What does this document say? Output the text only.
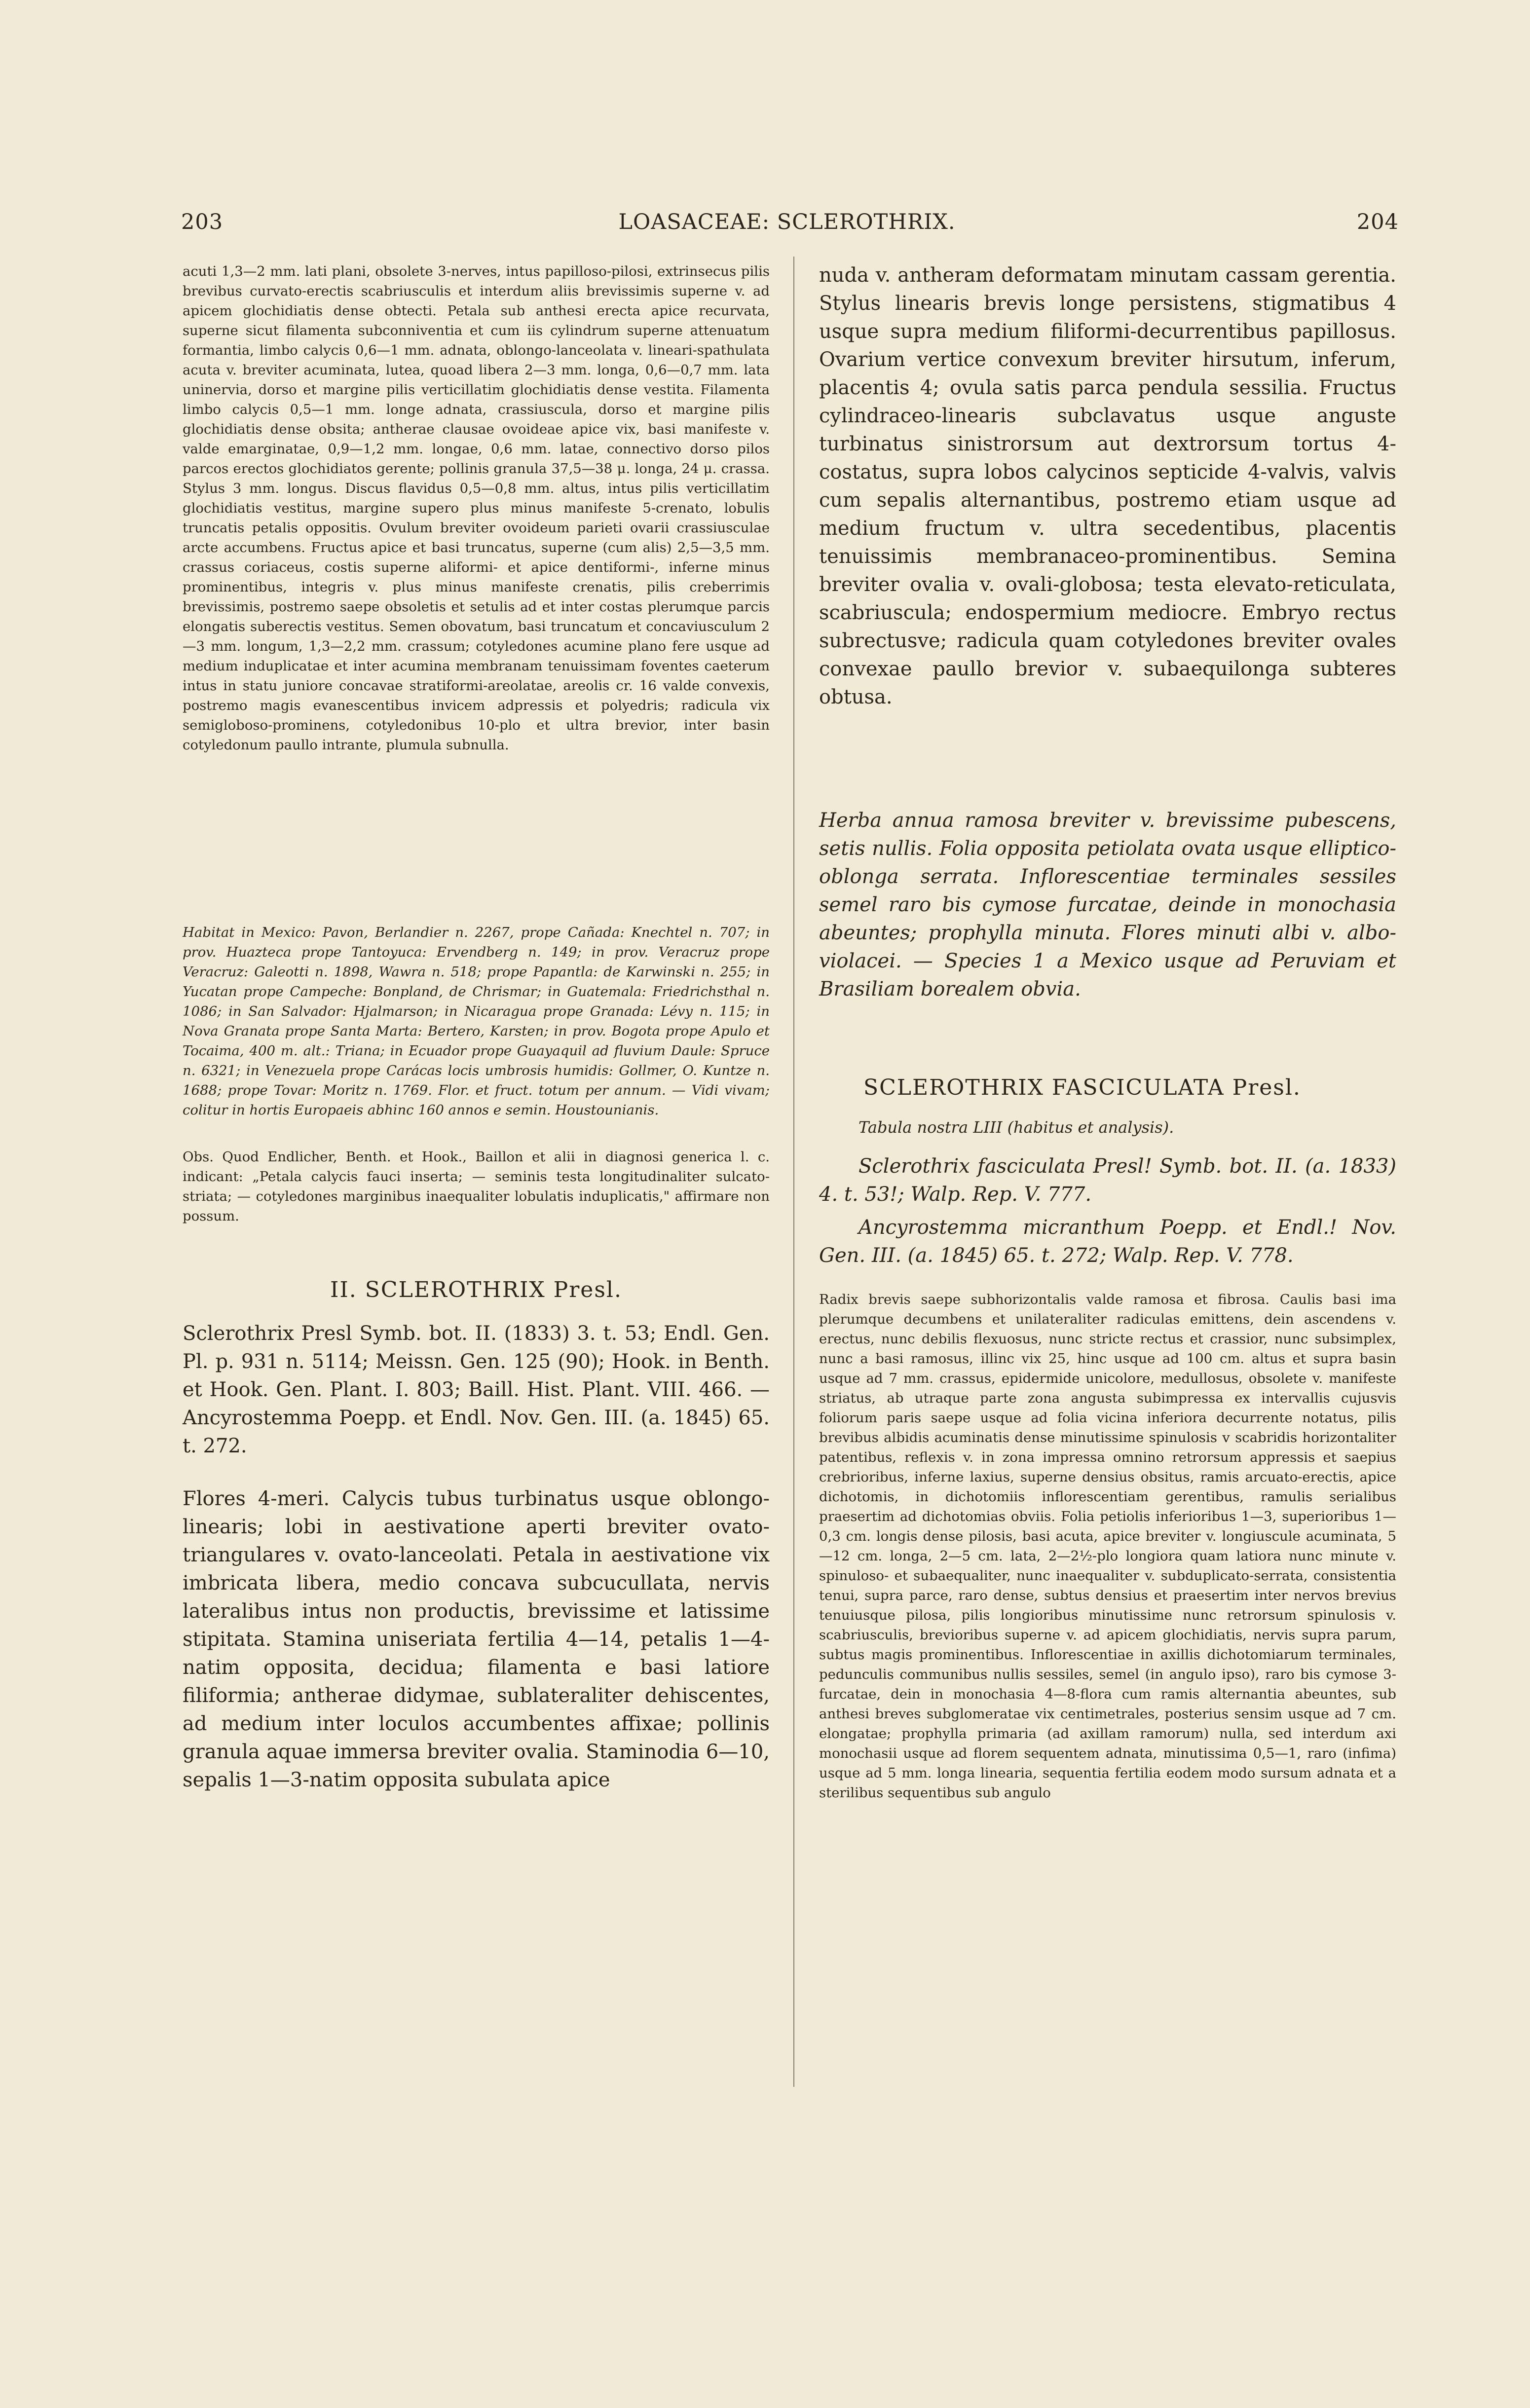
203	LOASACEAE: SCLEROTHRIX.	204

acuti 1,3—2 mm. lati plani, obsolete 3-nerves, intus papilloso-pilosi, extrinsecus pilis brevibus curvato-erectis scabriusculis et interdum aliis brevissimis superne v. ad apicem glochidiatis dense obtecti. Petala sub anthesi erecta apice recurvata, superne sicut filamenta subconniventia et cum iis cylindrum superne attenuatum formantia, limbo calycis 0,6—1 mm. adnata, oblongo-lanceolata v. lineari-spathulata acuta v. breviter acuminata, lutea, quoad libera 2—3 mm. longa, 0,6—0,7 mm. lata uninervia, dorso et margine pilis verticillatim glochidiatis dense vestita. Filamenta limbo calycis 0,5—1 mm. longe adnata, crassiuscula, dorso et margine pilis glochidiatis dense obsita; antherae clausae ovoideae apice vix, basi manifeste v. valde emarginatae, 0,9—1,2 mm. longae, 0,6 mm. latae, connectivo dorso pilos parcos erectos glochidiatos gerente; pollinis granula 37,5—38 μ. longa, 24 μ. crassa. Stylus 3 mm. longus. Discus flavidus 0,5—0,8 mm. altus, intus pilis verticillatim glochidiatis vestitus, margine supero plus minus manifeste 5-crenato, lobulis truncatis petalis oppositis. Ovulum breviter ovoideum parieti ovarii crassiusculae arcte accumbens. Fructus apice et basi truncatus, superne (cum alis) 2,5—3,5 mm. crassus coriaceus, costis superne aliformi- et apice dentiformi-, inferne minus prominentibus, integris v. plus minus manifeste crenatis, pilis creberrimis brevissimis, postremo saepe obsoletis et setulis ad et inter costas plerumque parcis elongatis suberectis vestitus. Semen obovatum, basi truncatum et concaviusculum 2—3 mm. longum, 1,3—2,2 mm. crassum; cotyledones acumine plano fere usque ad medium induplicatae et inter acumina membranam tenuissimam foventes caeterum intus in statu juniore concavae stratiformi-areolatae, areolis cr. 16 valde convexis, postremo magis evanescentibus invicem adpressis et polyedris; radicula vix semigloboso-prominens, cotyledonibus 10-plo et ultra brevior, inter basin cotyledonum paullo intrante, plumula subnulla.

Habitat in Mexico: Pavon, Berlandier n. 2267, prope Cañada: Knechtel n. 707; in prov. Huazteca prope Tantoyuca: Ervendberg n. 149; in prov. Veracruz prope Veracruz: Galeotti n. 1898, Wawra n. 518; prope Papantla: de Karwinski n. 255; in Yucatan prope Campeche: Bonpland, de Chrismar; in Guatemala: Friedrichsthal n. 1086; in San Salvador: Hjalmarson; in Nicaragua prope Granada: Lévy n. 115; in Nova Granata prope Santa Marta: Bertero, Karsten; in prov. Bogota prope Apulo et Tocaima, 400 m. alt.: Triana; in Ecuador prope Guayaquil ad fluvium Daule: Spruce n. 6321; in Venezuela prope Carácas locis umbrosis humidis: Gollmer, O. Kuntze n. 1688; prope Tovar: Moritz n. 1769. Flor. et fruct. totum per annum. — Vidi vivam; colitur in hortis Europaeis abhinc 160 annos e semin. Houstounianis.

Obs. Quod Endlicher, Benth. et Hook., Baillon et alii in diagnosi generica l. c. indicant: „Petala calycis fauci inserta; — seminis testa longitudinaliter sulcato-striata; — cotyledones marginibus inaequaliter lobulatis induplicatis," affirmare non possum.

II. SCLEROTHRIX Presl.

Sclerothrix Presl Symb. bot. II. (1833) 3. t. 53; Endl. Gen. Pl. p. 931 n. 5114; Meissn. Gen. 125 (90); Hook. in Benth. et Hook. Gen. Plant. I. 803; Baill. Hist. Plant. VIII. 466. — Ancyrostemma Poepp. et Endl. Nov. Gen. III. (a. 1845) 65. t. 272.

Flores 4-meri. Calycis tubus turbinatus usque oblongo-linearis; lobi in aestivatione aperti breviter ovato-triangulares v. ovato-lanceolati. Petala in aestivatione vix imbricata libera, medio concava subcucullata, nervis lateralibus intus non productis, brevissime et latissime stipitata. Stamina uniseriata fertilia 4—14, petalis 1—4-natim opposita, decidua; filamenta e basi latiore filiformia; antherae didymae, sublateraliter dehiscentes, ad medium inter loculos accumbentes affixae; pollinis granula aquae immersa breviter ovalia. Staminodia 6—10, sepalis 1—3-natim opposita subulata apice

nuda v. antheram deformatam minutam cassam gerentia. Stylus linearis brevis longe persistens, stigmatibus 4 usque supra medium filiformi-decurrentibus papillosus. Ovarium vertice convexum breviter hirsutum, inferum, placentis 4; ovula satis parca pendula sessilia. Fructus cylindraceo-linearis subclavatus usque anguste turbinatus sinistrorsum aut dextrorsum tortus 4-costatus, supra lobos calycinos septicide 4-valvis, valvis cum sepalis alternantibus, postremo etiam usque ad medium fructum v. ultra secedentibus, placentis tenuissimis membranaceo-prominentibus. Semina breviter ovalia v. ovali-globosa; testa elevato-reticulata, scabriuscula; endospermium mediocre. Embryo rectus subrectusve; radicula quam cotyledones breviter ovales convexae paullo brevior v. subaequilonga subteres obtusa.

Herba annua ramosa breviter v. brevissime pubescens, setis nullis. Folia opposita petiolata ovata usque elliptico-oblonga serrata. Inflorescentiae terminales sessiles semel raro bis cymose furcatae, deinde in monochasia abeuntes; prophylla minuta. Flores minuti albi v. albo-violacei. — Species 1 a Mexico usque ad Peruviam et Brasiliam borealem obvia.

SCLEROTHRIX FASCICULATA Presl.

Tabula nostra LIII (habitus et analysis).

Sclerothrix fasciculata Presl! Symb. bot. II. (a. 1833) 4. t. 53!; Walp. Rep. V. 777.

Ancyrostemma micranthum Poepp. et Endl.! Nov. Gen. III. (a. 1845) 65. t. 272; Walp. Rep. V. 778.

Radix brevis saepe subhorizontalis valde ramosa et fibrosa. Caulis basi ima plerumque decumbens et unilateraliter radiculas emittens, dein ascendens v. erectus, nunc debilis flexuosus, nunc stricte rectus et crassior, nunc subsimplex, nunc a basi ramosus, illinc vix 25, hinc usque ad 100 cm. altus et supra basin usque ad 7 mm. crassus, epidermide unicolore, medullosus, obsolete v. manifeste striatus, ab utraque parte zona angusta subimpressa ex intervallis cujusvis foliorum paris saepe usque ad folia vicina inferiora decurrente notatus, pilis brevibus albidis acuminatis dense minutissime spinulosis v scabridis horizontaliter patentibus, reflexis v. in zona impressa omnino retrorsum appressis et saepius crebrioribus, inferne laxius, superne densius obsitus, ramis arcuato-erectis, apice dichotomis, in dichotomiis inflorescentiam gerentibus, ramulis serialibus praesertim ad dichotomias obviis. Folia petiolis inferioribus 1—3, superioribus 1—0,3 cm. longis dense pilosis, basi acuta, apice breviter v. longiuscule acuminata, 5—12 cm. longa, 2—5 cm. lata, 2—2½-plo longiora quam latiora nunc minute v. spinuloso- et subaequaliter, nunc inaequaliter v. subduplicato-serrata, consistentia tenui, supra parce, raro dense, subtus densius et praesertim inter nervos brevius tenuiusque pilosa, pilis longioribus minutissime nunc retrorsum spinulosis v. scabriusculis, brevioribus superne v. ad apicem glochidiatis, nervis supra parum, subtus magis prominentibus. Inflorescentiae in axillis dichotomiarum terminales, pedunculis communibus nullis sessiles, semel (in angulo ipso), raro bis cymose 3-furcatae, dein in monochasia 4—8-flora cum ramis alternantia abeuntes, sub anthesi breves subglomeratae vix centimetrales, posterius sensim usque ad 7 cm. elongatae; prophylla primaria (ad axillam ramorum) nulla, sed interdum axi monochasii usque ad florem sequentem adnata, minutissima 0,5—1, raro (infima) usque ad 5 mm. longa linearia, sequentia fertilia eodem modo sursum adnata et a sterilibus sequentibus sub angulo
